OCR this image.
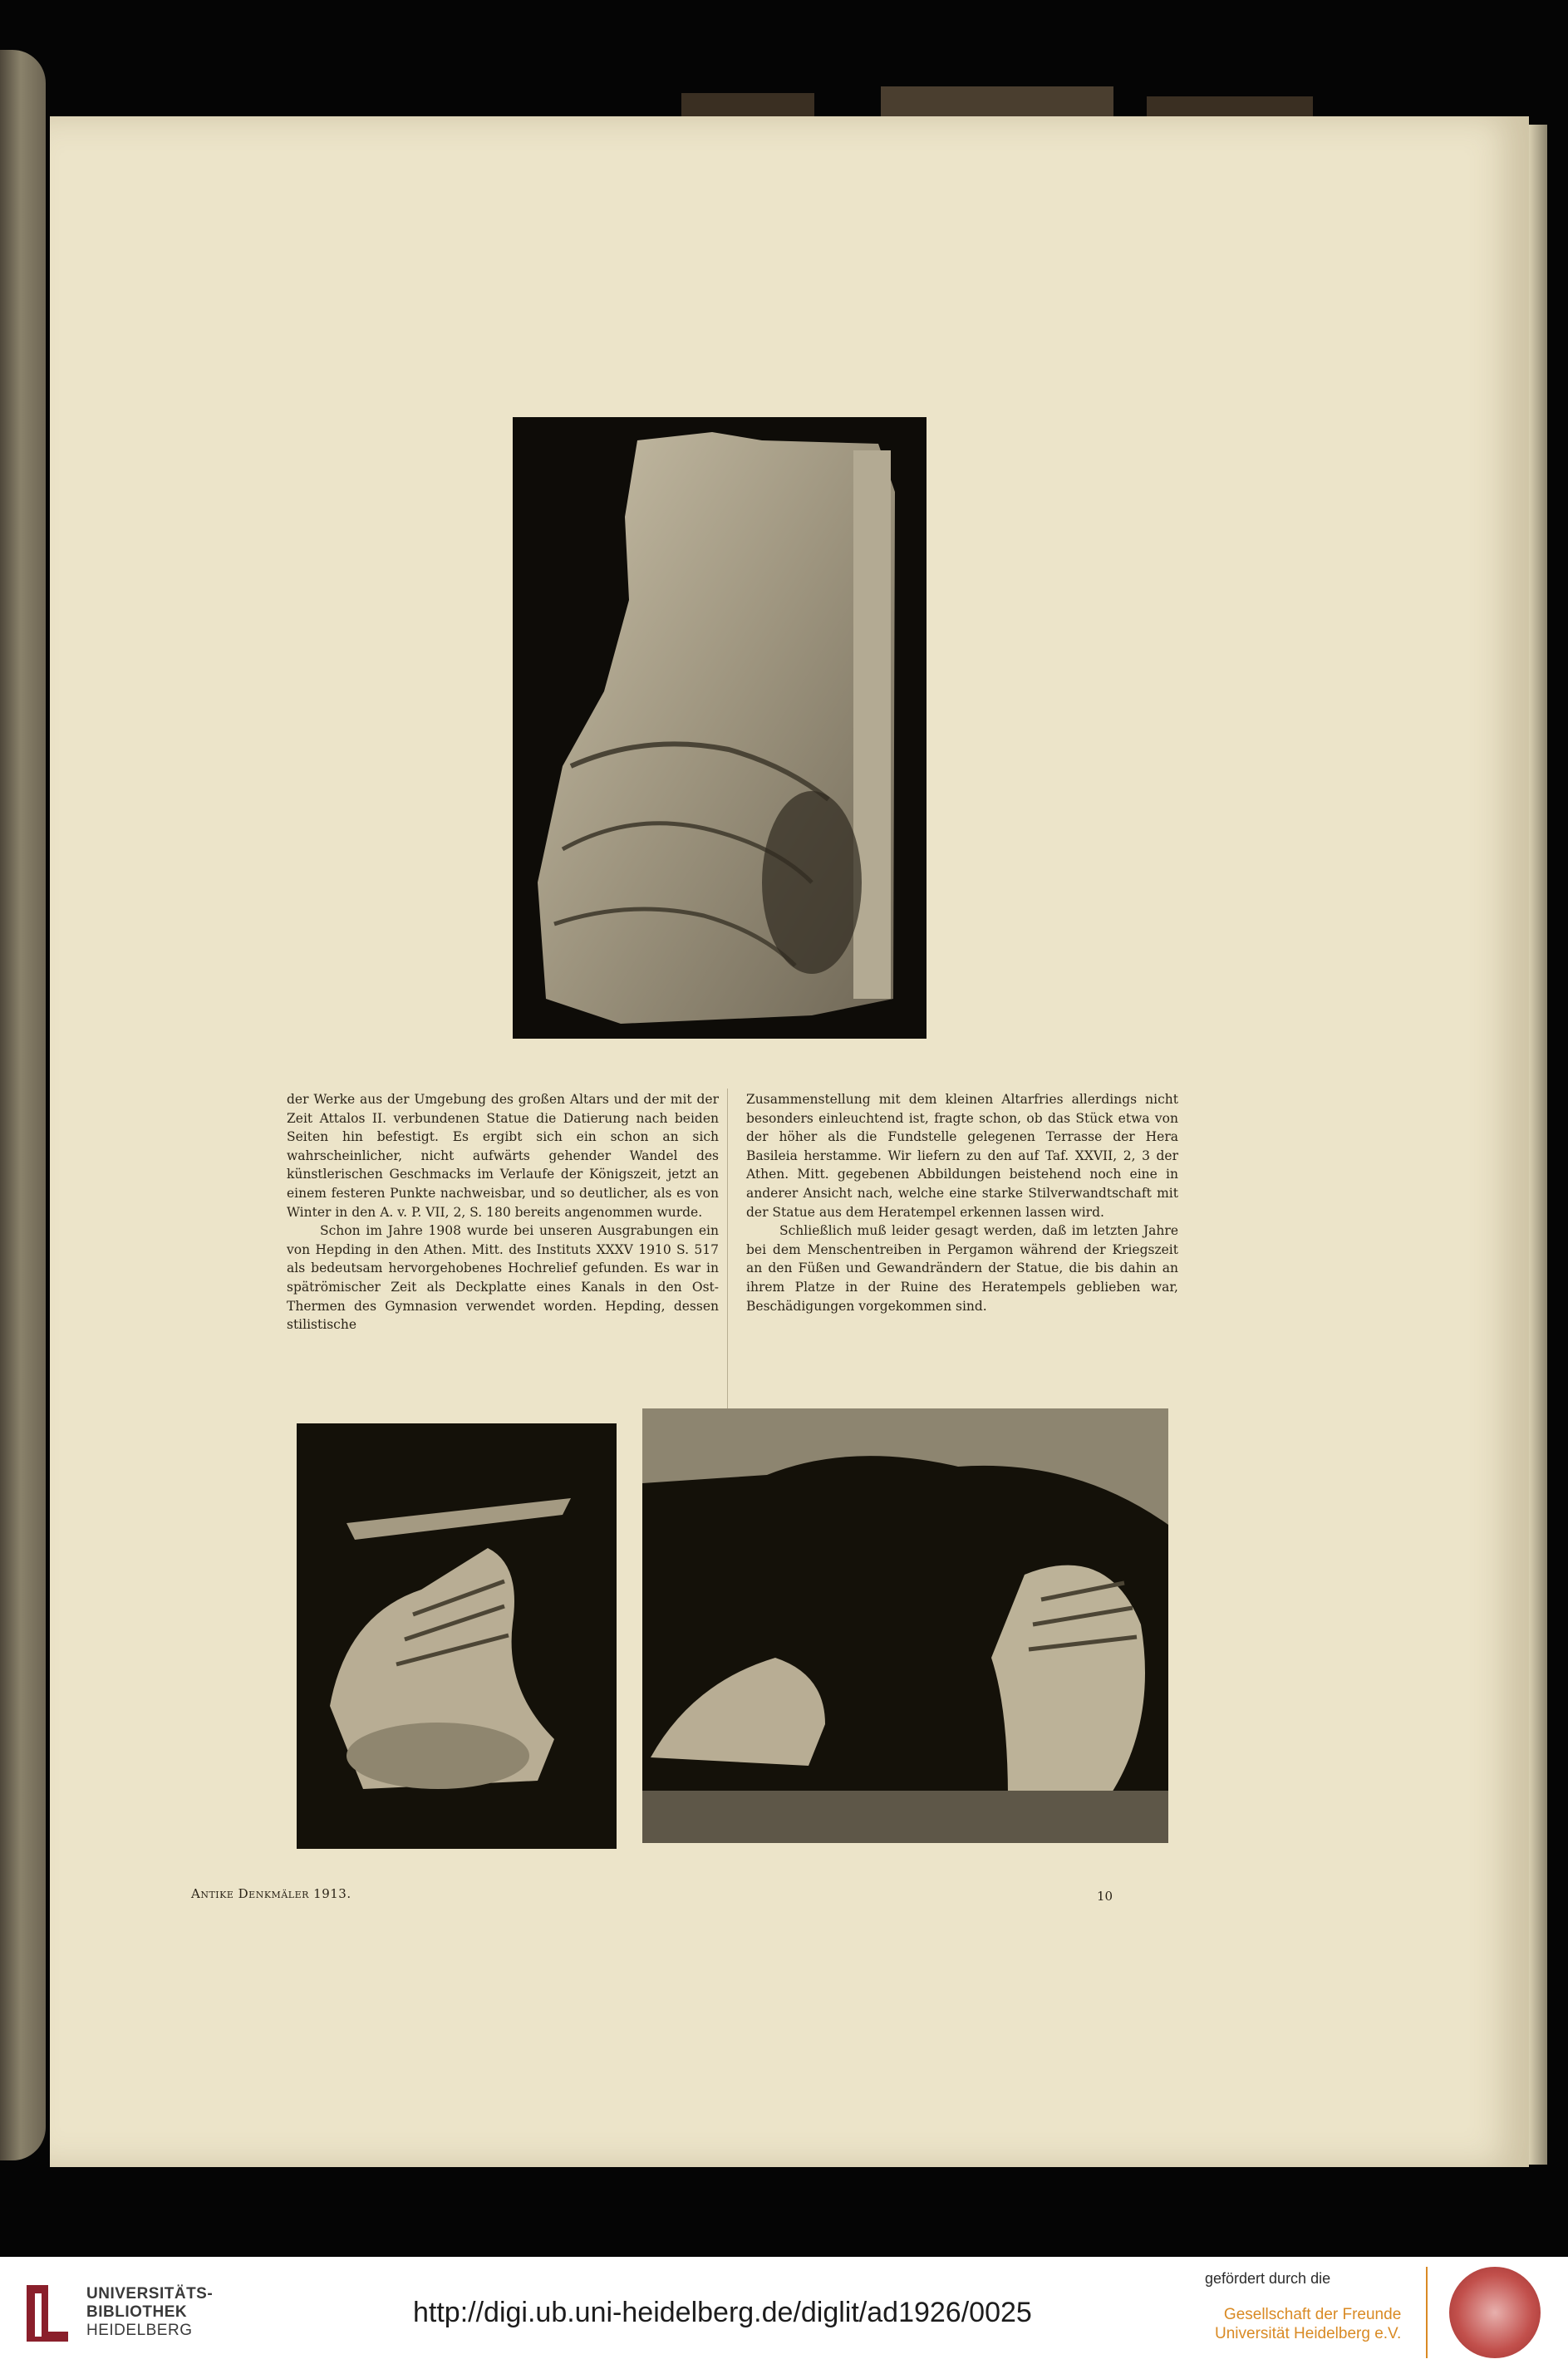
der Werke aus der Umgebung des großen Altars und der mit der Zeit Attalos II. verbundenen Statue die Datierung nach beiden Seiten hin befestigt. Es ergibt sich ein schon an sich wahrscheinlicher, nicht aufwärts gehender Wandel des künstlerischen Geschmacks im Verlaufe der Königszeit, jetzt an einem festeren Punkte nachweisbar, und so deutlicher, als es von Winter in den A. v. P. VII, 2, S. 180 bereits angenommen wurde.

Schon im Jahre 1908 wurde bei unseren Ausgrabungen ein von Hepding in den Athen. Mitt. des Instituts XXXV 1910 S. 517 als bedeutsam hervorgehobenes Hochrelief gefunden. Es war in spätrömischer Zeit als Deckplatte eines Kanals in den Ost-Thermen des Gymnasion verwendet worden. Hepding, dessen stilistische

Zusammenstellung mit dem kleinen Altarfries allerdings nicht besonders einleuchtend ist, fragte schon, ob das Stück etwa von der höher als die Fundstelle gelegenen Terrasse der Hera Basileia herstamme. Wir liefern zu den auf Taf. XXVII, 2, 3 der Athen. Mitt. gegebenen Abbildungen beistehend noch eine in anderer Ansicht nach, welche eine starke Stilverwandtschaft mit der Statue aus dem Heratempel erkennen lassen wird.

Schließlich muß leider gesagt werden, daß im letzten Jahre bei dem Menschentreiben in Pergamon während der Kriegszeit an den Füßen und Gewandrändern der Statue, die bis dahin an ihrem Platze in der Ruine des Heratempels geblieben war, Beschädigungen vorgekommen sind.

Antike Denkmäler 1913.	10
UNIVERSITÄTS-
BIBLIOTHEK
HEIDELBERG
http://digi.ub.uni-heidelberg.de/diglit/ad1926/0025
gefördert durch die
Gesellschaft der Freunde
Universität Heidelberg e.V.
